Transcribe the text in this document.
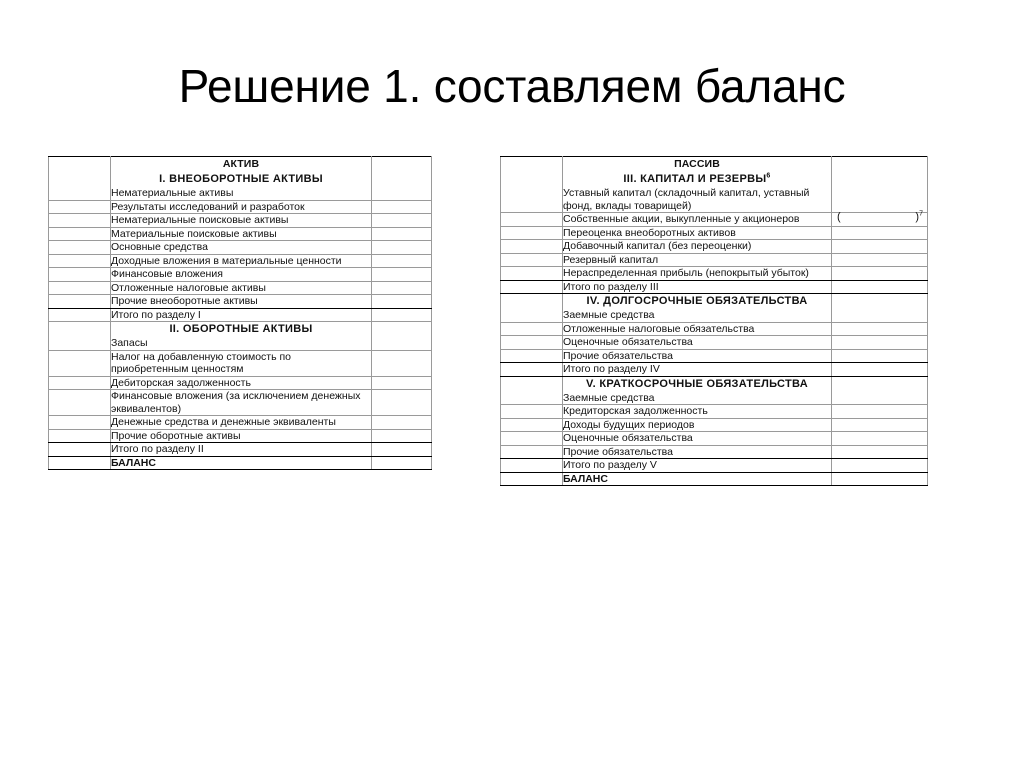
Решение 1. составляем баланс

	АКТИВ
I. ВНЕОБОРОТНЫЕ АКТИВЫ
Нематериальные активы	

	Результаты исследований и разработок	

	Нематериальные поисковые активы	

	Материальные поисковые активы	

	Основные средства	

	Доходные вложения в материальные ценности	

	Финансовые вложения	

	Отложенные налоговые активы	

	Прочие внеоборотные активы	

	Итого по разделу I	

	II. ОБОРОТНЫЕ АКТИВЫ
Запасы	

	Налог на добавленную стоимость по приобретенным ценностям	

	Дебиторская задолженность	

	Финансовые вложения (за исключением денежных эквивалентов)	

	Денежные средства и денежные эквиваленты	

	Прочие оборотные активы	

	Итого по разделу II	

	БАЛАНС	

	ПАССИВ
III. КАПИТАЛ И РЕЗЕРВЫ$^6$
Уставный капитал (складочный капитал, уставный фонд, вклады товарищей)	

	Собственные акции, выкупленные у акционеров	( )$^7$

	Переоценка внеоборотных активов	

	Добавочный капитал (без переоценки)	

	Резервный капитал	

	Нераспределенная прибыль (непокрытый убыток)	

	Итого по разделу III	

	IV. ДОЛГОСРОЧНЫЕ ОБЯЗАТЕЛЬСТВА
Заемные средства	

	Отложенные налоговые обязательства	

	Оценочные обязательства	

	Прочие обязательства	

	Итого по разделу IV	

	V. КРАТКОСРОЧНЫЕ ОБЯЗАТЕЛЬСТВА
Заемные средства	

	Кредиторская задолженность	

	Доходы будущих периодов	

	Оценочные обязательства	

	Прочие обязательства	

	Итого по разделу V	

	БАЛАНС	
